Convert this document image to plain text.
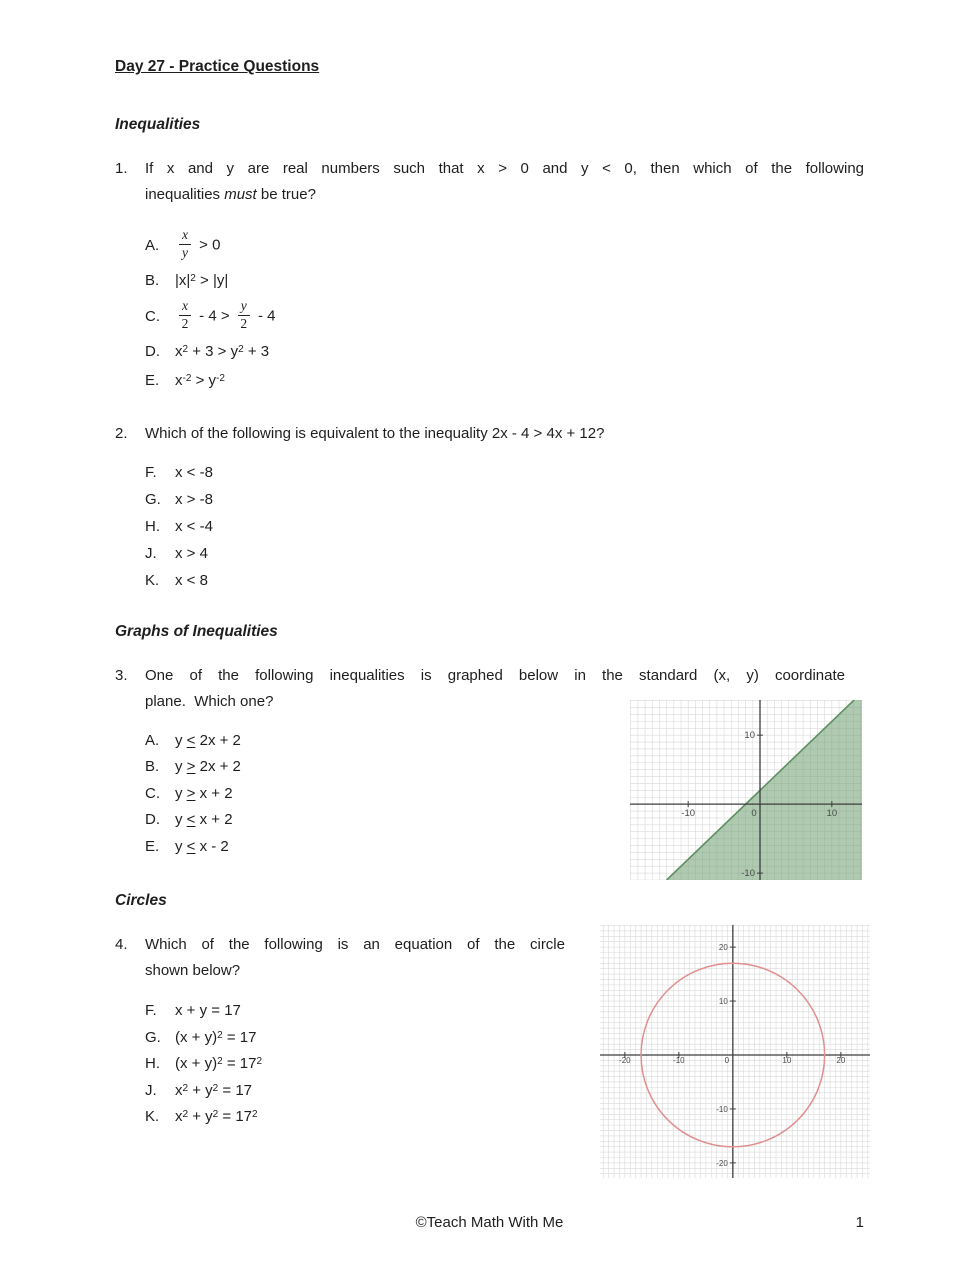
Day 27 - Practice Questions
Inequalities
1.	If x and y are real numbers such that x > 0 and y < 0, then which of the following
inequalities must be true?
A.	$\frac{x}{y} > 0$
B.	$|x|^2 > |y|$
C.	$\frac{x}{2} - 4 > \frac{y}{2} - 4$
D.	$x^2 + 3 > y^2 + 3$
E.	$x^{-2} > y^{-2}$
2.	Which of the following is equivalent to the inequality 2x - 4 > 4x + 12?
F.	x < -8
G. x > -8
H.	x < -4
J.	x > 4
K.	x < 8
Graphs of Inequalities
3.	One of the following inequalities is graphed below in the standard (x, y) coordinate
plane.  Which one?
A.	y < 2x + 2
B.	y > 2x + 2
C.	y > x + 2
D.	y < x + 2
E.	y < x - 2
Circles
4.	Which of the following is an equation of the circle
shown below?
F.	x + y = 17
G. $(x + y)^2 = 17$
H.	$(x + y)^2 = 17^2$
J.	$x^2 + y^2 = 17$
K.	$x^2 + y^2 = 17^2$
-10	0	10
10
-10
-20	-10	0	10	20
20
10
-10
-20
©Teach Math With Me	1
